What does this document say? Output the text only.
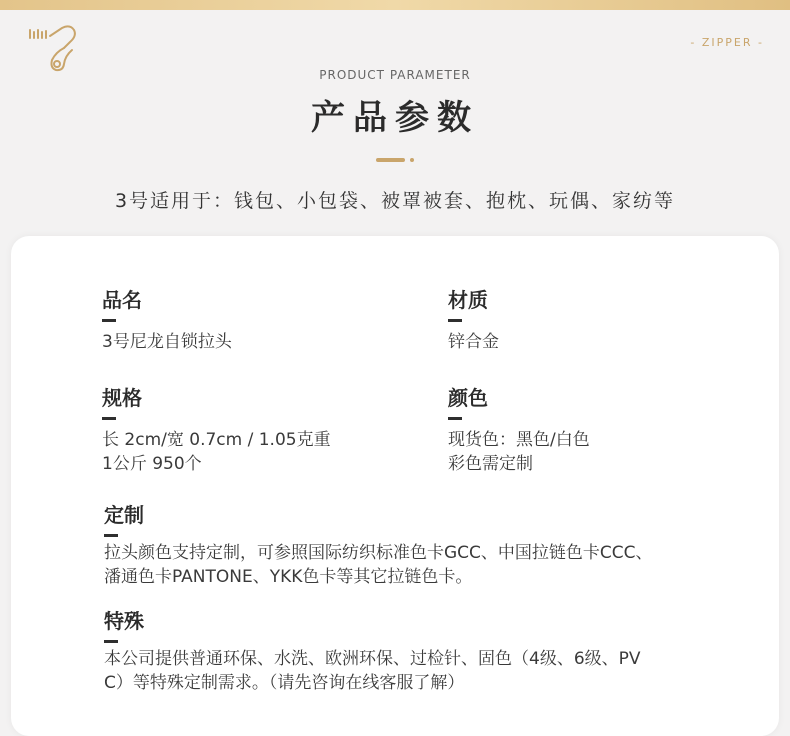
- ZIPPER -
PRODUCT PARAMETER
产品参数
3号适用于：钱包、小包袋、被罩被套、抱枕、玩偶、家纺等
品名
3号尼龙自锁拉头
材质
锌合金
规格
长 2cm/宽 0.7cm / 1.05克重
1公斤 950个
颜色
现货色：黑色/白色
彩色需定制
定制
拉头颜色支持定制，可参照国际纺织标准色卡GCC、中国拉链色卡CCC、
潘通色卡PANTONE、YKK色卡等其它拉链色卡。
特殊
本公司提供普通环保、水洗、欧洲环保、过检针、固色（4级、6级、PV
C）等特殊定制需求。（请先咨询在线客服了解）
